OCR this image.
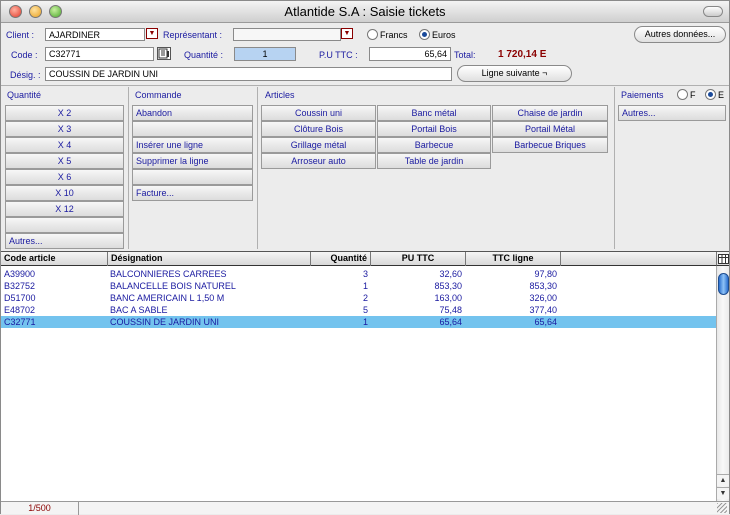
Atlantide S.A : Saisie tickets
Client :	AJARDINER	▼ Représentant :	▼	Francs	Euros	Autres données...
Code :	C32771	Quantité :	1	P.U TTC :	65,64 Total: 1 720,14 E
Désig. : COUSSIN DE JARDIN UNI	Ligne suivante ¬
Quantité
X 2
X 3
X 4
X 5
X 6
X 10
X 12
Autres...
Commande
Abandon
Insérer une ligne
Supprimer la ligne
Facture...
Articles
Coussin uni	Banc métal	Chaise de jardin
Clôture Bois	Portail Bois	Portail Métal
Grillage métal	Barbecue	Barbecue Briques
Arroseur auto	Table de jardin
Paiements	F	E
Autres...
Code article	Désignation	Quantité	PU TTC	TTC ligne
A39900	BALCONNIERES CARREES	3	32,60	97,80
B32752	BALANCELLE BOIS NATUREL	1	853,30	853,30
D51700	BANC AMERICAIN L 1,50 M	2	163,00	326,00
E48702	BAC A SABLE	5	75,48	377,40
C32771	COUSSIN DE JARDIN UNI	1	65,64	65,64
▲
▼
1/500
